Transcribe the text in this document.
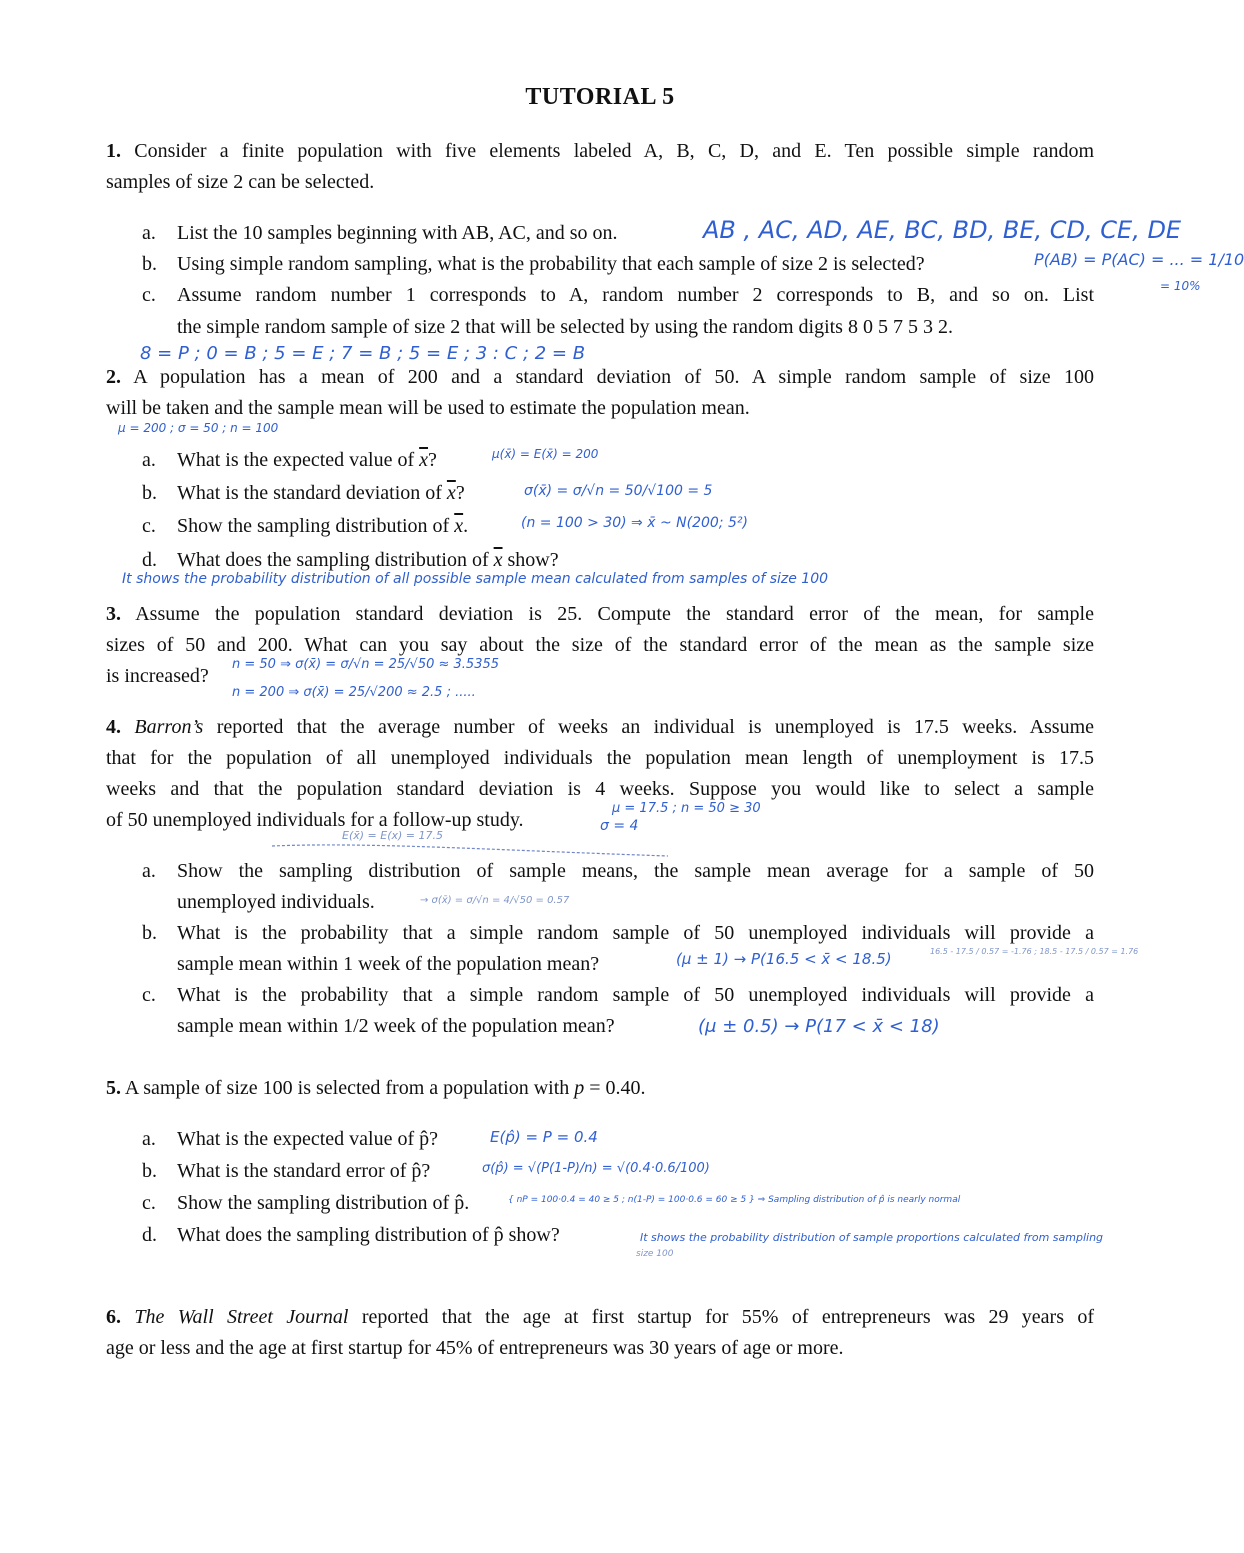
TUTORIAL 5
1. Consider a finite population with five elements labeled A, B, C, D, and E. Ten possible simple random
samples of size 2 can be selected.
a. List the 10 samples beginning with AB, AC, and so on.	AB , AC, AD, AE, BC, BD, BE, CD, CE, DE
b. Using simple random sampling, what is the probability that each sample of size 2 is selected?	P(AB) = P(AC) = ... = 1/10
= 10%
c. Assume random number 1 corresponds to A, random number 2 corresponds to B, and so on. List
the simple random sample of size 2 that will be selected by using the random digits 8 0 5 7 5 3 2.
8 = P ; 0 = B ; 5 = E ; 7 = B ; 5 = E ; 3 : C ; 2 = B
2. A population has a mean of 200 and a standard deviation of 50. A simple random sample of size 100
will be taken and the sample mean will be used to estimate the population mean.
μ = 200 ; σ = 50 ; n = 100
a. What is the expected value of $\overline{x}$?	μ(x̄) = E(x̄) = 200
b. What is the standard deviation of $\overline{x}$?	σ(x̄) = σ/√n = 50/√100 = 5
c. Show the sampling distribution of $\overline{x}$.	(n = 100 > 30) ⇒ x̄ ~ N(200; 5²)
d. What does the sampling distribution of $\overline{x}$ show?
It shows the probability distribution of all possible sample mean calculated from samples of size 100
3. Assume the population standard deviation is 25. Compute the standard error of the mean, for sample
sizes of 50 and 200. What can you say about the size of the standard error of the mean as the sample size
is increased?
n = 50 ⇒ σ(x̄) = σ/√n = 25/√50 ≈ 3.5355
n = 200 ⇒ σ(x̄) = 25/√200 ≈ 2.5 ; .....
4. Barron’s reported that the average number of weeks an individual is unemployed is 17.5 weeks. Assume
that for the population of all unemployed individuals the population mean length of unemployment is 17.5
weeks and that the population standard deviation is 4 weeks. Suppose you would like to select a sample
of 50 unemployed individuals for a follow-up study.
μ = 17.5 ; n = 50 ≥ 30
σ = 4
E(x̄) = E(x) = 17.5
a. Show the sampling distribution of sample means, the sample mean average for a sample of 50
unemployed individuals.	→ σ(x̄) = σ/√n = 4/√50 = 0.57
b. What is the probability that a simple random sample of 50 unemployed individuals will provide a
sample mean within 1 week of the population mean?	(μ ± 1) → P(16.5 < x̄ < 18.5)	16.5 - 17.5 / 0.57 = -1.76 ; 18.5 - 17.5 / 0.57 = 1.76
c. What is the probability that a simple random sample of 50 unemployed individuals will provide a
sample mean within 1/2 week of the population mean?	(μ ± 0.5) → P(17 < x̄ < 18)
5. A sample of size 100 is selected from a population with p = 0.40.
a. What is the expected value of p̂?	E(p̂) = P = 0.4
b. What is the standard error of p̂?	σ(p̂) = √(P(1-P)/n) = √(0.4·0.6/100)
c. Show the sampling distribution of p̂.	{ nP = 100·0.4 = 40 ≥ 5 ; n(1-P) = 100·0.6 = 60 ≥ 5 } ⇒ Sampling distribution of p̂ is nearly normal
d. What does the sampling distribution of p̂ show?	It shows the probability distribution of sample proportions calculated from sampling
size 100
6. The Wall Street Journal reported that the age at first startup for 55% of entrepreneurs was 29 years of
age or less and the age at first startup for 45% of entrepreneurs was 30 years of age or more.
